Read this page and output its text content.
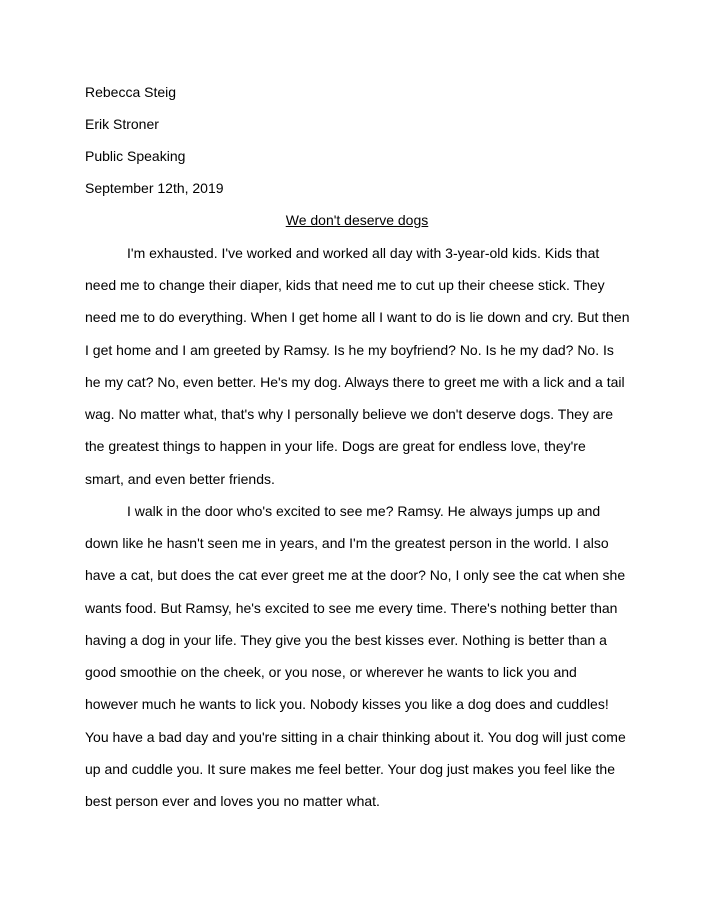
Rebecca Steig

Erik Stroner

Public Speaking

September 12th, 2019

We don't deserve dogs

I'm exhausted. I've worked and worked all day with 3-year-old kids. Kids that

need me to change their diaper, kids that need me to cut up their cheese stick. They

need me to do everything. When I get home all I want to do is lie down and cry. But then

I get home and I am greeted by Ramsy. Is he my boyfriend? No. Is he my dad? No. Is

he my cat? No, even better. He's my dog. Always there to greet me with a lick and a tail

wag. No matter what, that's why I personally believe we don't deserve dogs. They are

the greatest things to happen in your life. Dogs are great for endless love, they're

smart, and even better friends.

I walk in the door who's excited to see me? Ramsy. He always jumps up and

down like he hasn't seen me in years, and I'm the greatest person in the world. I also

have a cat, but does the cat ever greet me at the door? No, I only see the cat when she

wants food. But Ramsy, he's excited to see me every time. There's nothing better than

having a dog in your life. They give you the best kisses ever. Nothing is better than a

good smoothie on the cheek, or you nose, or wherever he wants to lick you and

however much he wants to lick you. Nobody kisses you like a dog does and cuddles!

You have a bad day and you're sitting in a chair thinking about it. You dog will just come

up and cuddle you. It sure makes me feel better. Your dog just makes you feel like the

best person ever and loves you no matter what.
